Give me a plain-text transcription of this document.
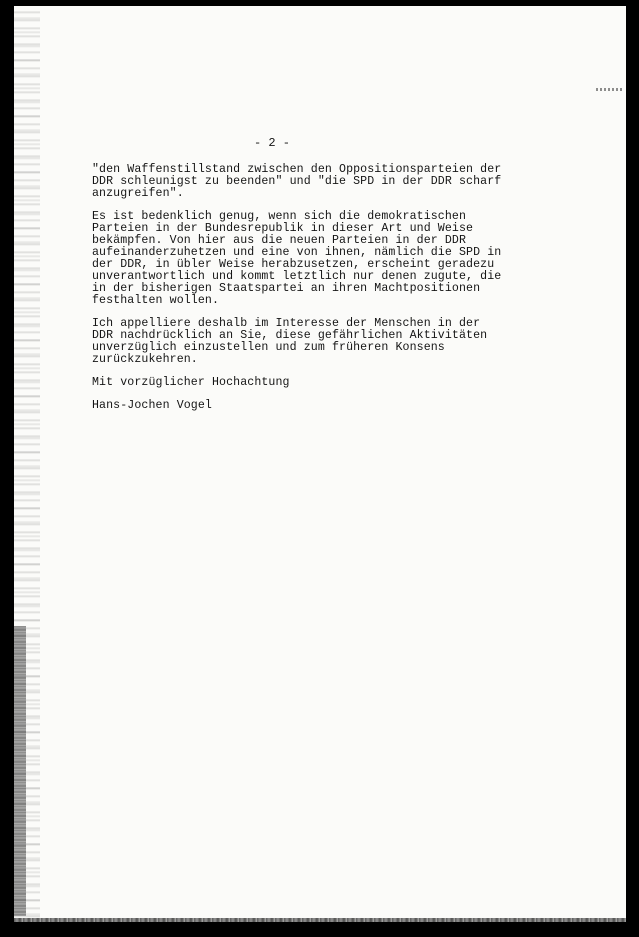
- 2 -
"den Waffenstillstand zwischen den Oppositionsparteien der
DDR schleunigst zu beenden" und "die SPD in der DDR scharf
anzugreifen".
Es ist bedenklich genug, wenn sich die demokratischen
Parteien in der Bundesrepublik in dieser Art und Weise
bekämpfen. Von hier aus die neuen Parteien in der DDR
aufeinanderzuhetzen und eine von ihnen, nämlich die SPD in
der DDR, in übler Weise herabzusetzen, erscheint geradezu
unverantwortlich und kommt letztlich nur denen zugute, die
in der bisherigen Staatspartei an ihren Machtpositionen
festhalten wollen.
Ich appelliere deshalb im Interesse der Menschen in der
DDR nachdrücklich an Sie, diese gefährlichen Aktivitäten
unverzüglich einzustellen und zum früheren Konsens
zurückzukehren.
Mit vorzüglicher Hochachtung
Hans-Jochen Vogel
